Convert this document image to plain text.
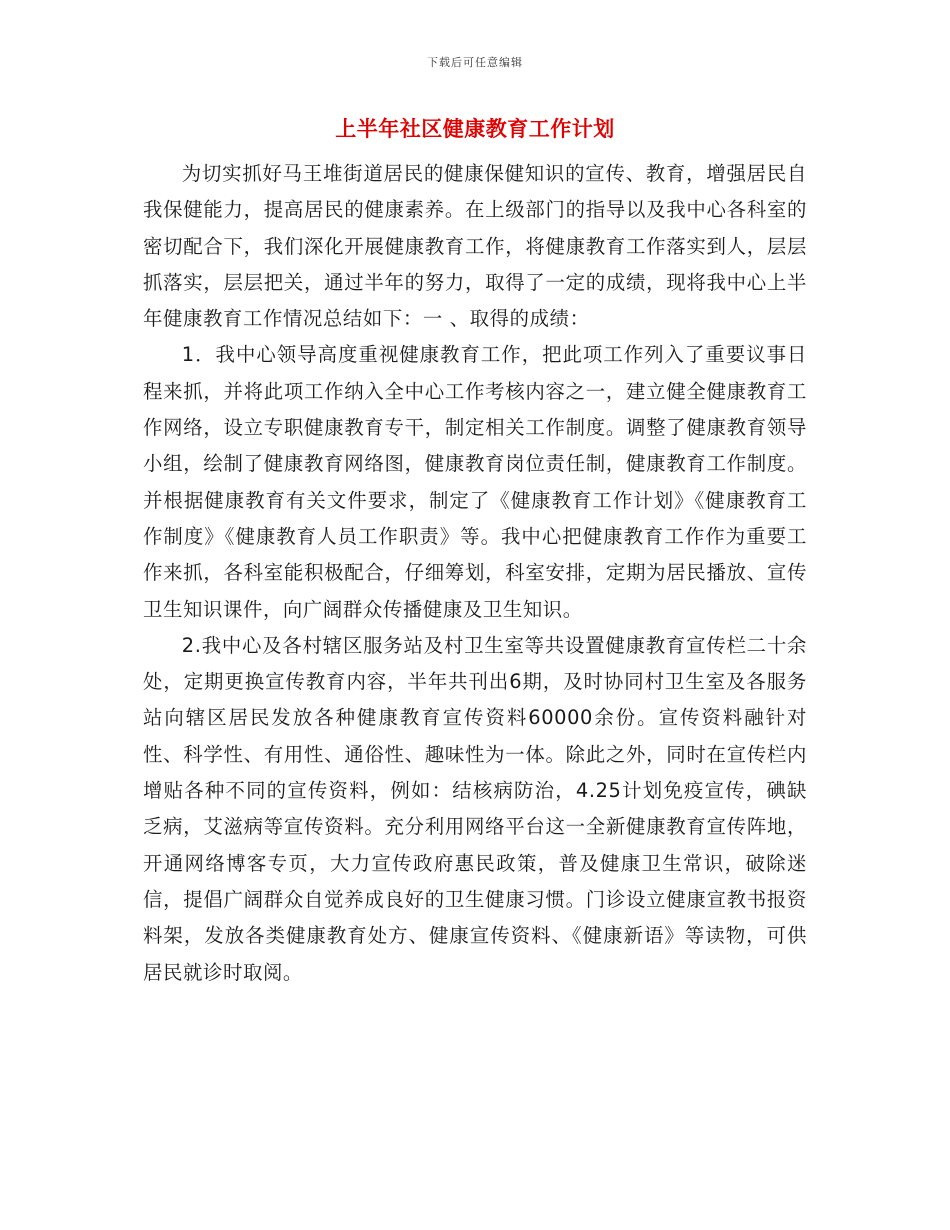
下载后可任意编辑
上半年社区健康教育工作计划

为切实抓好马王堆街道居民的健康保健知识的宣传、教育，增强居民自我保健能力，提高居民的健康素养。在上级部门的指导以及我中心各科室的密切配合下，我们深化开展健康教育工作，将健康教育工作落实到人，层层抓落实，层层把关，通过半年的努力，取得了一定的成绩，现将我中心上半年健康教育工作情况总结如下：一 、取得的成绩：

1．我中心领导高度重视健康教育工作，把此项工作列入了重要议事日程来抓，并将此项工作纳入全中心工作考核内容之一，建立健全健康教育工作网络，设立专职健康教育专干，制定相关工作制度。调整了健康教育领导小组，绘制了健康教育网络图，健康教育岗位责任制，健康教育工作制度。并根据健康教育有关文件要求，制定了《健康教育工作计划》《健康教育工作制度》《健康教育人员工作职责》等。我中心把健康教育工作作为重要工作来抓，各科室能积极配合，仔细筹划，科室安排，定期为居民播放、宣传卫生知识课件，向广阔群众传播健康及卫生知识。

2.我中心及各村辖区服务站及村卫生室等共设置健康教育宣传栏二十余处，定期更换宣传教育内容，半年共刊出6期，及时协同村卫生室及各服务站向辖区居民发放各种健康教育宣传资料60000余份。宣传资料融针对性、科学性、有用性、通俗性、趣味性为一体。除此之外，同时在宣传栏内增贴各种不同的宣传资料，例如：结核病防治，4.25计划免疫宣传，碘缺乏病，艾滋病等宣传资料。充分利用网络平台这一全新健康教育宣传阵地，开通网络博客专页，大力宣传政府惠民政策，普及健康卫生常识，破除迷信，提倡广阔群众自觉养成良好的卫生健康习惯。门诊设立健康宣教书报资料架，发放各类健康教育处方、健康宣传资料、《健康新语》等读物，可供居民就诊时取阅。
